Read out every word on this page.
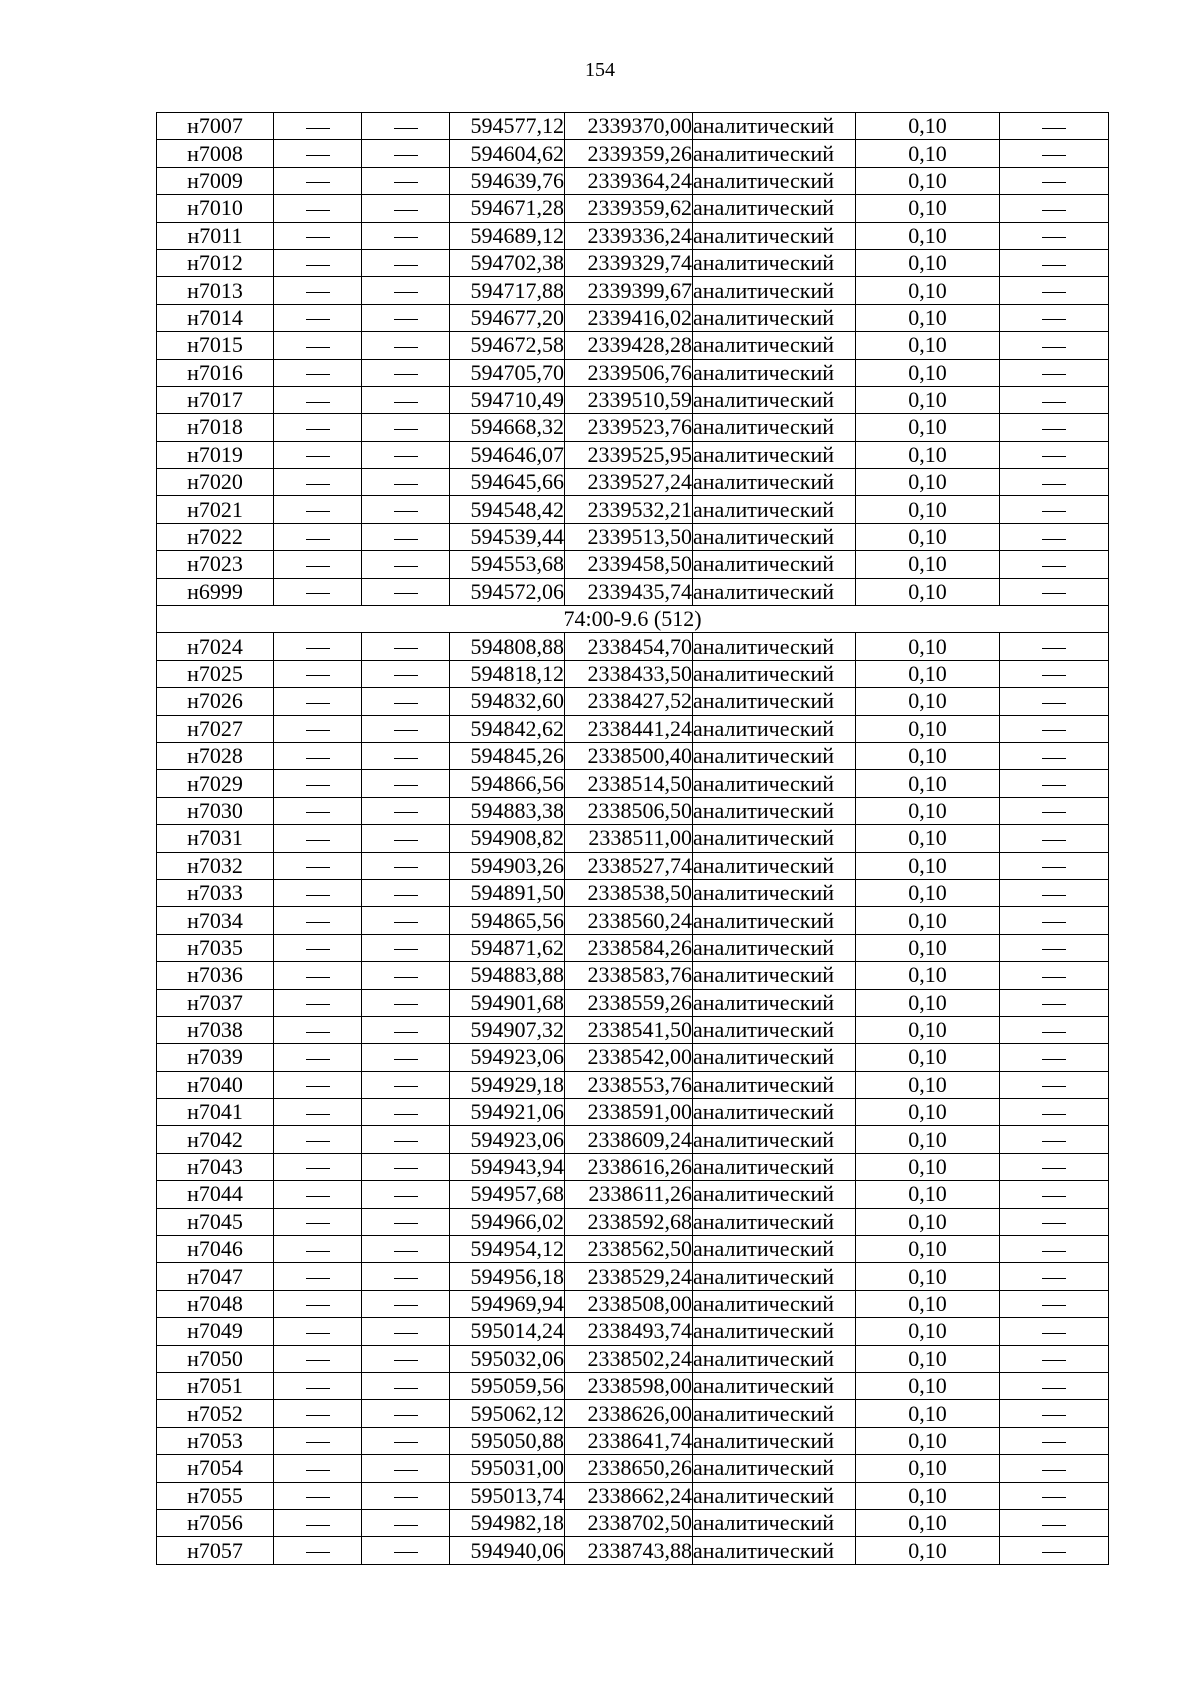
154
н7007			594577,12	2339370,00	аналитический	0,10	
н7008			594604,62	2339359,26	аналитический	0,10	
н7009			594639,76	2339364,24	аналитический	0,10	
н7010			594671,28	2339359,62	аналитический	0,10	
н7011			594689,12	2339336,24	аналитический	0,10	
н7012			594702,38	2339329,74	аналитический	0,10	
н7013			594717,88	2339399,67	аналитический	0,10	
н7014			594677,20	2339416,02	аналитический	0,10	
н7015			594672,58	2339428,28	аналитический	0,10	
н7016			594705,70	2339506,76	аналитический	0,10	
н7017			594710,49	2339510,59	аналитический	0,10	
н7018			594668,32	2339523,76	аналитический	0,10	
н7019			594646,07	2339525,95	аналитический	0,10	
н7020			594645,66	2339527,24	аналитический	0,10	
н7021			594548,42	2339532,21	аналитический	0,10	
н7022			594539,44	2339513,50	аналитический	0,10	
н7023			594553,68	2339458,50	аналитический	0,10	
н6999			594572,06	2339435,74	аналитический	0,10	
74:00-9.6 (512)							
н7024			594808,88	2338454,70	аналитический	0,10	
н7025			594818,12	2338433,50	аналитический	0,10	
н7026			594832,60	2338427,52	аналитический	0,10	
н7027			594842,62	2338441,24	аналитический	0,10	
н7028			594845,26	2338500,40	аналитический	0,10	
н7029			594866,56	2338514,50	аналитический	0,10	
н7030			594883,38	2338506,50	аналитический	0,10	
н7031			594908,82	2338511,00	аналитический	0,10	
н7032			594903,26	2338527,74	аналитический	0,10	
н7033			594891,50	2338538,50	аналитический	0,10	
н7034			594865,56	2338560,24	аналитический	0,10	
н7035			594871,62	2338584,26	аналитический	0,10	
н7036			594883,88	2338583,76	аналитический	0,10	
н7037			594901,68	2338559,26	аналитический	0,10	
н7038			594907,32	2338541,50	аналитический	0,10	
н7039			594923,06	2338542,00	аналитический	0,10	
н7040			594929,18	2338553,76	аналитический	0,10	
н7041			594921,06	2338591,00	аналитический	0,10	
н7042			594923,06	2338609,24	аналитический	0,10	
н7043			594943,94	2338616,26	аналитический	0,10	
н7044			594957,68	2338611,26	аналитический	0,10	
н7045			594966,02	2338592,68	аналитический	0,10	
н7046			594954,12	2338562,50	аналитический	0,10	
н7047			594956,18	2338529,24	аналитический	0,10	
н7048			594969,94	2338508,00	аналитический	0,10	
н7049			595014,24	2338493,74	аналитический	0,10	
н7050			595032,06	2338502,24	аналитический	0,10	
н7051			595059,56	2338598,00	аналитический	0,10	
н7052			595062,12	2338626,00	аналитический	0,10	
н7053			595050,88	2338641,74	аналитический	0,10	
н7054			595031,00	2338650,26	аналитический	0,10	
н7055			595013,74	2338662,24	аналитический	0,10	
н7056			594982,18	2338702,50	аналитический	0,10	
н7057			594940,06	2338743,88	аналитический	0,10	
